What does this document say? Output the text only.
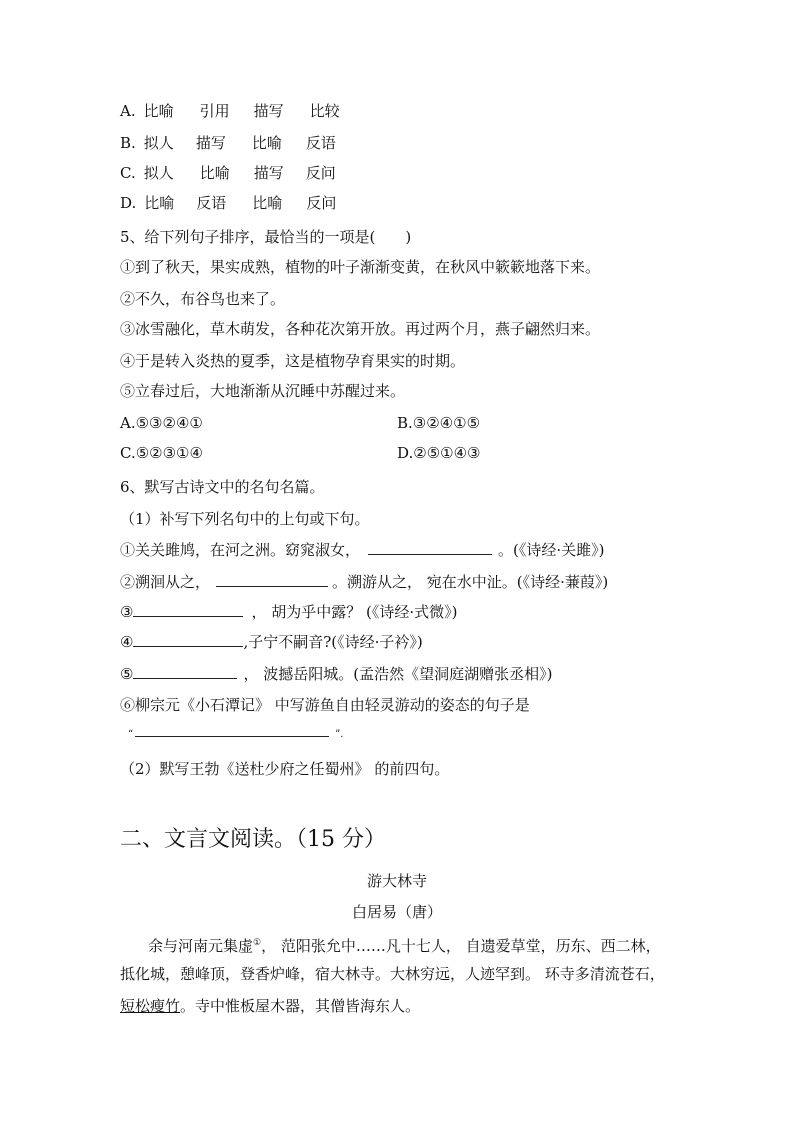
A. 比喻 引用 描写 比较
B. 拟人 描写 比喻 反语
C. 拟人 比喻 描写 反问
D. 比喻 反语 比喻 反问
5、给下列句子排序，最恰当的一项是(　　)
①到了秋天，果实成熟，植物的叶子渐渐变黄，在秋风中簌簌地落下来。
②不久，布谷鸟也来了。
③冰雪融化，草木萌发，各种花次第开放。再过两个月，燕子翩然归来。
④于是转入炎热的夏季，这是植物孕育果实的时期。
⑤立春过后，大地渐渐从沉睡中苏醒过来。
A.⑤③②④①	B.③②④①⑤
C.⑤②③①④	D.②⑤①④③
6、默写古诗文中的名句名篇。
（1）补写下列名句中的上句或下句。
①关关雎鸠，在河之洲。窈窕淑女，	。(《诗经·关雎》)
②溯洄从之，	。溯游从之， 宛在水中沚。(《诗经·蒹葭》)
③	， 胡为乎中露？ (《诗经·式微》)
④	,子宁不嗣音?(《诗经·子衿》)
⑤	， 波撼岳阳城。(孟浩然《望洞庭湖赠张丞相》)
⑥柳宗元《小石潭记》 中写游鱼自由轻灵游动的姿态的句子是
“	”.
（2）默写王勃《送杜少府之任蜀州》 的前四句。
二、文言文阅读。（15 分）
游大林寺
白居易（唐）
余与河南元集虚①， 范阳张允中……凡十七人， 自遗爱草堂，历东、西二林，
抵化城，憩峰顶，登香炉峰，宿大林寺。大林穷远，人迹罕到。 环寺多清流苍石，
短松瘦竹。寺中惟板屋木器，其僧皆海东人。
